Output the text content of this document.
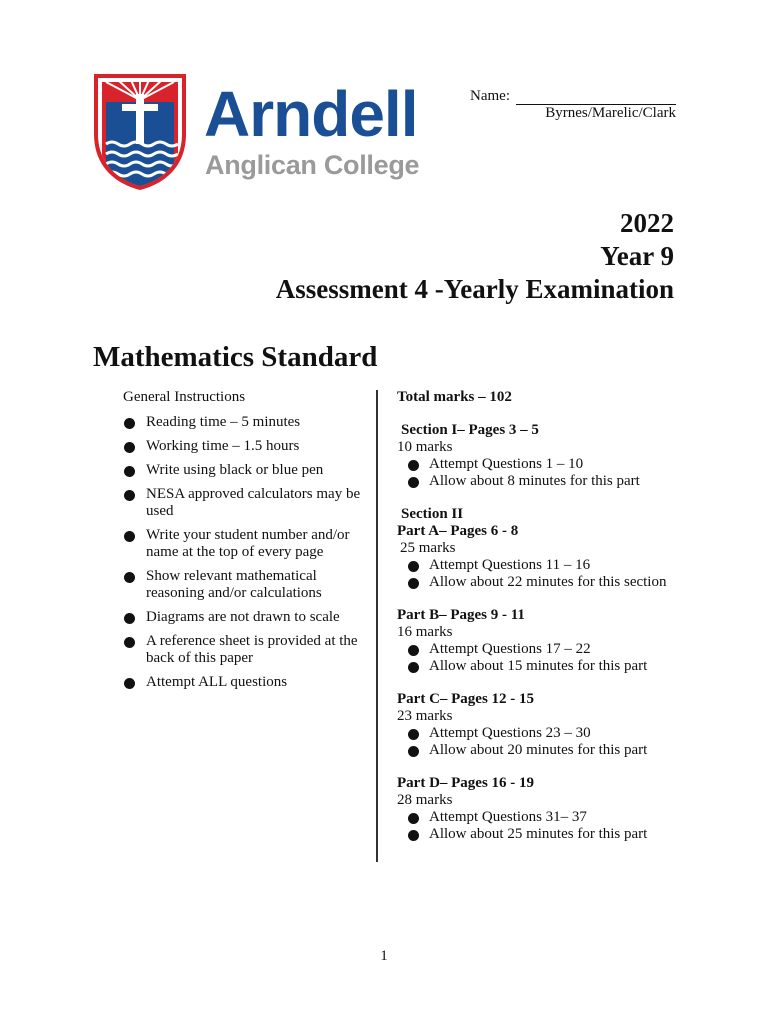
Arndell
Anglican College
Name:
Byrnes/Marelic/Clark
2022
Year 9
Assessment 4 -Yearly Examination
Mathematics Standard
General Instructions
Reading time – 5 minutes
Working time – 1.5 hours
Write using black or blue pen
NESA approved calculators may be used
Write your student number and/or name at the top of every page
Show relevant mathematical reasoning and/or calculations
Diagrams are not drawn to scale
A reference sheet is provided at the back of this paper
Attempt ALL questions
Total marks – 102
Section I– Pages 3 – 5
10 marks
Attempt Questions 1 – 10
Allow about 8 minutes for this part
Section II
Part A– Pages 6 - 8
25 marks
Attempt Questions 11 – 16
Allow about 22 minutes for this section
Part B– Pages 9 - 11
16 marks
Attempt Questions 17 – 22
Allow about 15 minutes for this part
Part C– Pages 12 - 15
23 marks
Attempt Questions 23 – 30
Allow about 20 minutes for this part
Part D– Pages 16 - 19
28 marks
Attempt Questions 31– 37
Allow about 25 minutes for this part
1
